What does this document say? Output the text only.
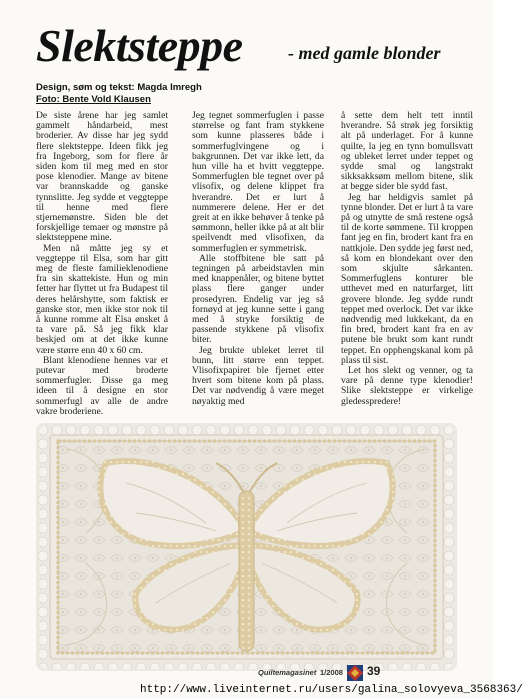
Slektsteppe	- med gamle blonder
Design, søm og tekst: Magda Imregh
Foto: Bente Vold Klausen

De siste årene har jeg samlet gammelt håndarbeid, mest broderier. Av disse har jeg sydd flere slektsteppe. Ideen fikk jeg fra Ingeborg, som for flere år siden kom til meg med en stor pose klenodier. Mange av bitene var brannskadde og ganske tynnslitte. Jeg sydde et veggteppe til henne med flere stjernemønstre. Siden ble det forskjellige temaer og mønstre på slektsteppene mine.

Men nå måtte jeg sy et veggteppe til Elsa, som har gitt meg de fleste familieklenodiene fra sin skattekiste. Hun og min fetter har flyttet ut fra Budapest til deres helårshytte, som faktisk er ganske stor, men ikke stor nok til å kunne romme alt Elsa ønsket å ta vare på. Så jeg fikk klar beskjed om at det ikke kunne være større enn 40 x 60 cm.

Blant klenodiene hennes var et putevar med broderte sommerfugler. Disse ga meg ideen til å designe en stor sommerfugl av alle de andre vakre broderiene.

Jeg tegnet sommerfuglen i passe størrelse og fant fram stykkene som kunne plasseres både i sommerfuglvingene og i bakgrunnen. Det var ikke lett, da hun ville ha et hvitt veggteppe. Sommerfuglen ble tegnet over på vlisofix, og delene klippet fra hverandre. Det er lurt å nummerere delene. Her er det greit at en ikke behøver å tenke på sømmonn, heller ikke på at alt blir speilvendt med vlisofixen, da sommerfuglen er symmetrisk.

Alle stoffbitene ble satt på tegningen på arbeidstavlen min med knappenåler, og bitene byttet plass flere ganger under prosedyren. Endelig var jeg så fornøyd at jeg kunne sette i gang med å stryke forsiktig de passende stykkene på vlisofix biter.

Jeg brukte ubleket lerret til bunn, litt større enn teppet. Vlisofixpapiret ble fjernet etter hvert som bitene kom på plass. Det var nødvendig å være meget nøyaktig med

å sette dem helt tett inntil hverandre. Så strøk jeg forsiktig alt på underlaget. For å kunne quilte, la jeg en tynn bomullsvatt og ubleket lerret under teppet og sydde smal og langstrakt sikksakksøm mellom bitene, slik at begge sider ble sydd fast.

Jeg har heldigvis samlet på tynne blonder. Det er lurt å ta vare på og utnytte de små restene også til de korte sømmene. Til kroppen fant jeg en fin, brodert kant fra en nattkjole. Den sydde jeg først ned, så kom en blondekant over den som skjulte sårkanten. Sommerfuglens konturer ble utthevet med en naturfarget, litt grovere blonde. Jeg sydde rundt teppet med overlock. Det var ikke nødvendig med lukkekant, da en fin bred, brodert kant fra en av putene ble brukt som kant rundt teppet. En opphengskanal kom på plass til sist.

Let hos slekt og venner, og ta vare på denne type klenodier! Slike slektsteppe er virkelige gledesspredere!

Quiltemagasinet 1/2008 39
http://www.liveinternet.ru/users/galina_solovyeva_3568363/
